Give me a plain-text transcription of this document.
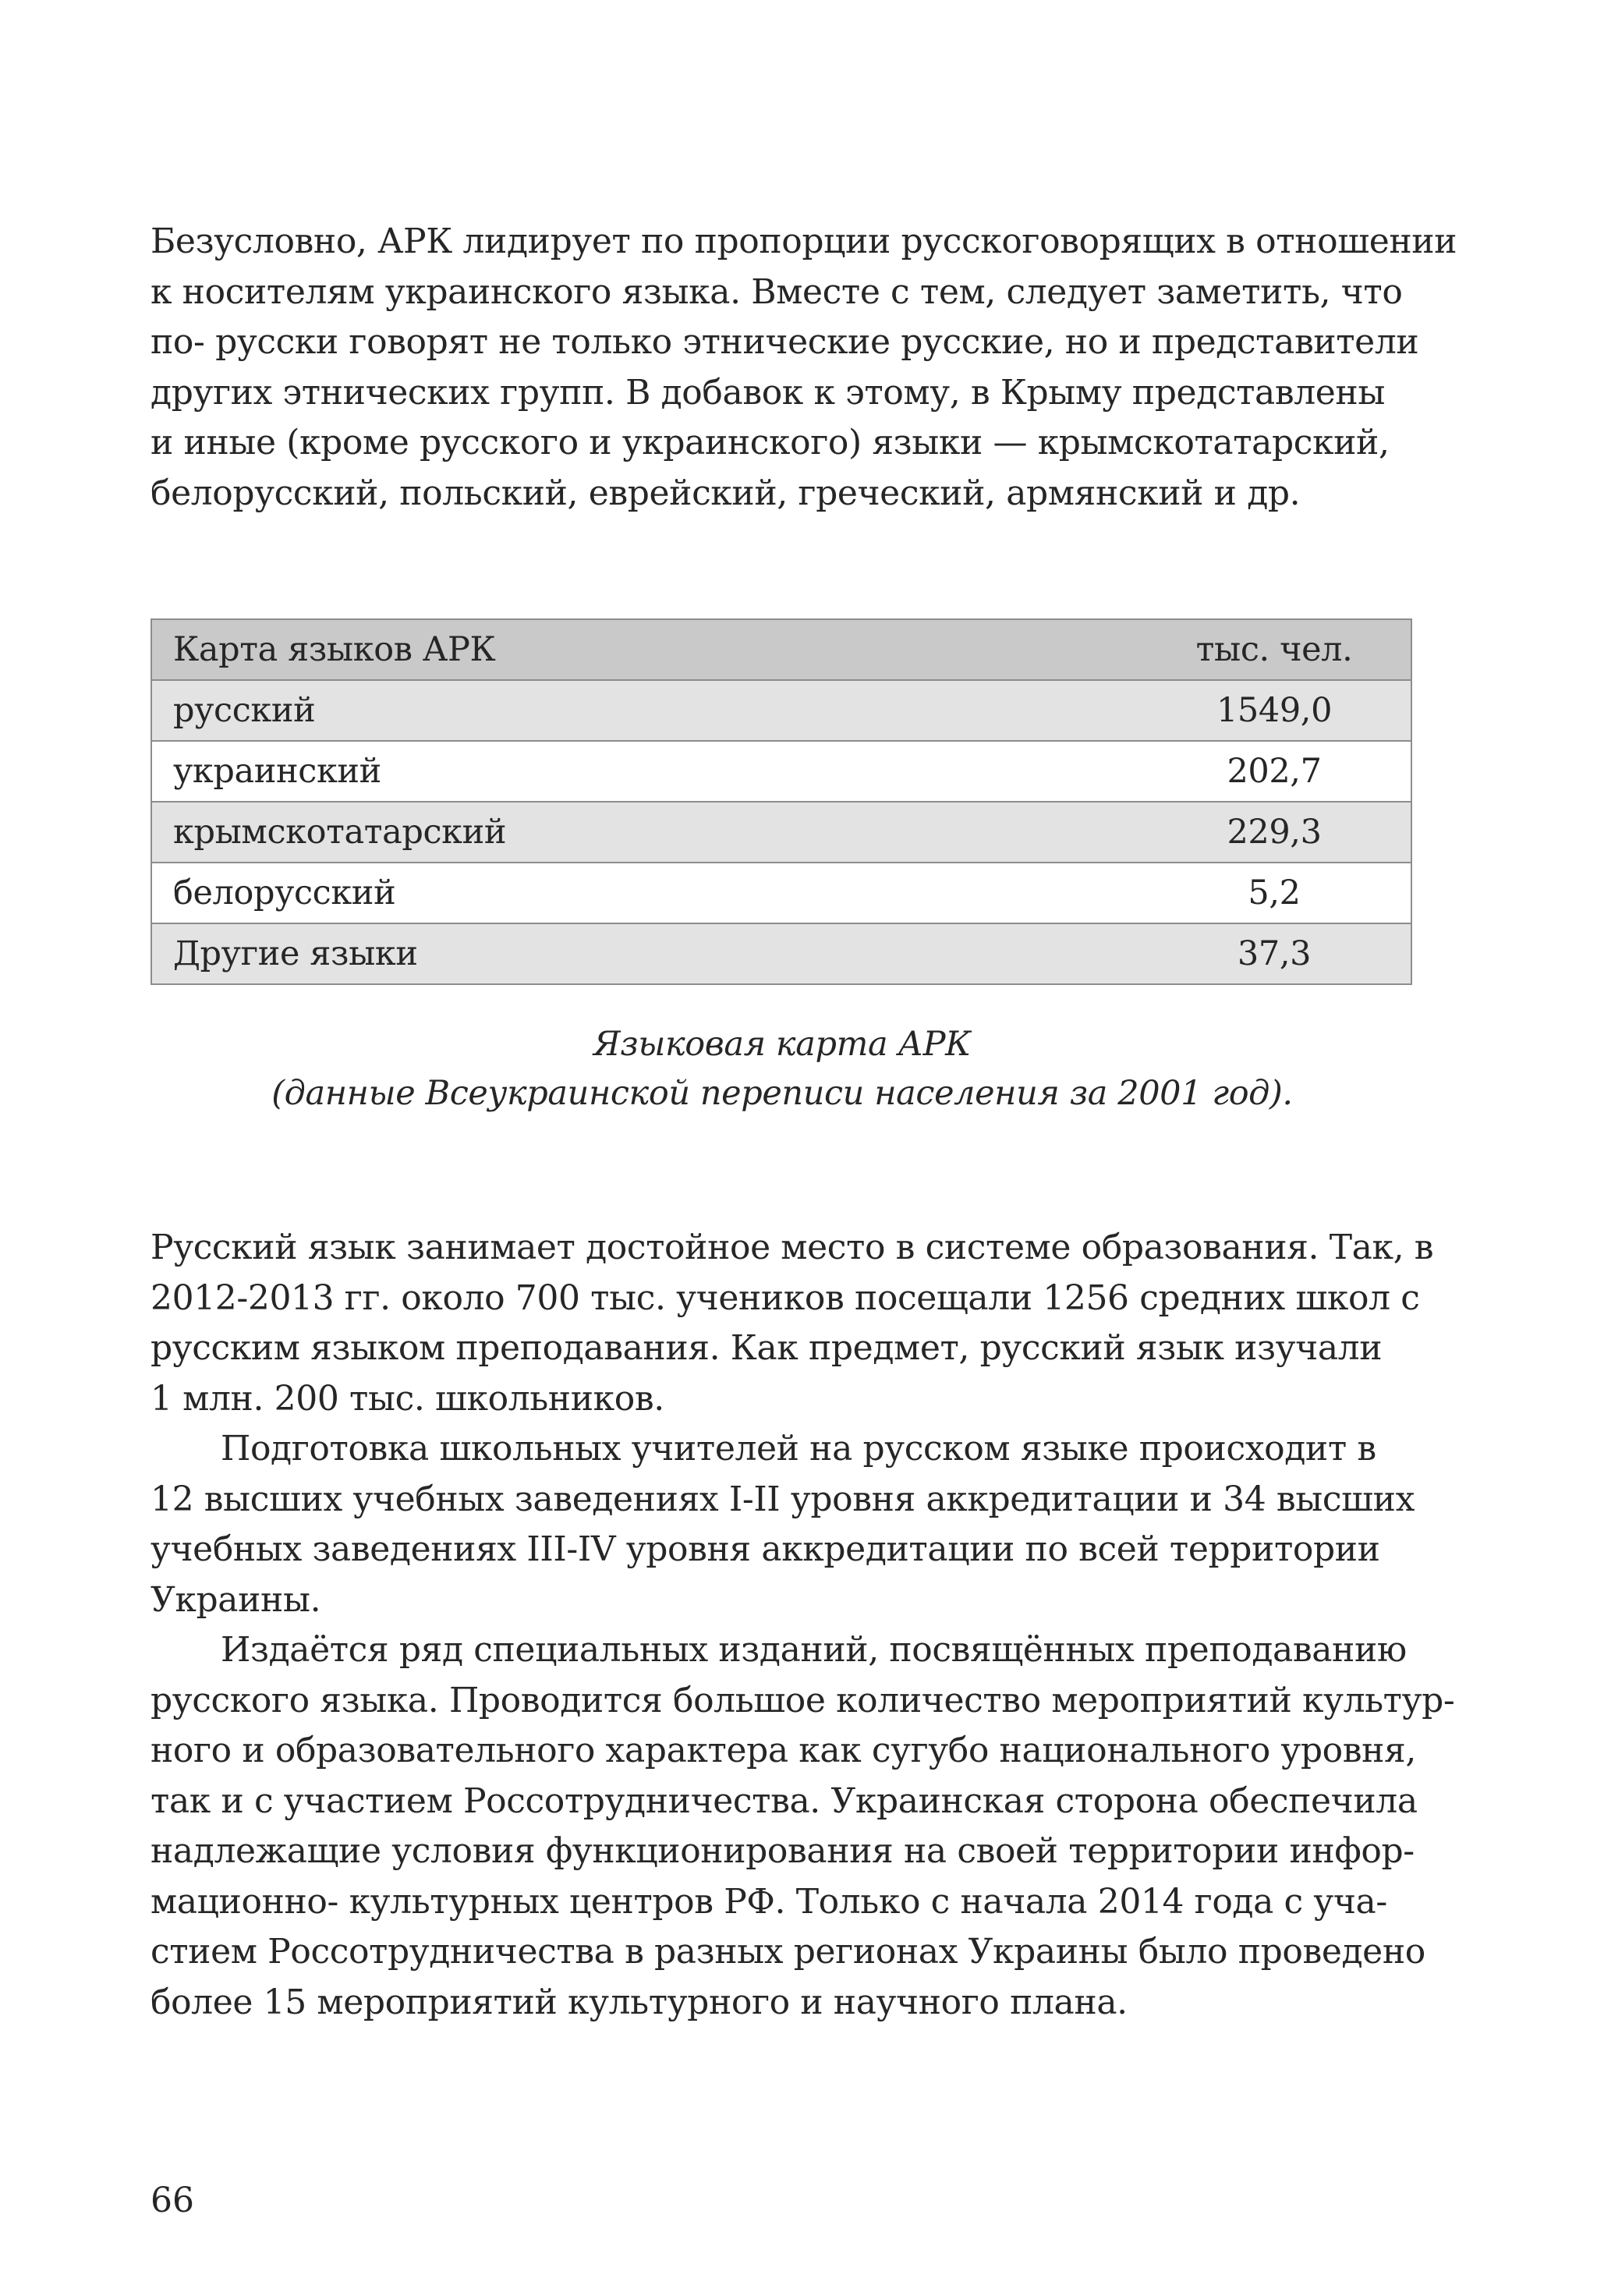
Безусловно, АРК лидирует по пропорции русскоговорящих в отношении
к носителям украинского языка. Вместе с тем, следует заметить, что
по- русски говорят не только этнические русские, но и представители
других этнических групп. В добавок к этому, в Крыму представлены
и иные (кроме русского и украинского) языки — крымскотатарский,
белорусский, польский, еврейский, греческий, армянский и др.
Карта языков АРК	тыс. чел.
русский	1549,0
украинский	202,7
крымскотатарский	229,3
белорусский	5,2
Другие языки	37,3
Языковая карта АРК
(данные Всеукраинской переписи населения за 2001 год).
Русский язык занимает достойное место в системе образования. Так, в
2012-2013 гг. около 700 тыс. учеников посещали 1256 средних школ с
русским языком преподавания. Как предмет, русский язык изучали
1 млн. 200 тыс. школьников.
Подготовка школьных учителей на русском языке происходит в
12 высших учебных заведениях I-II уровня аккредитации и 34 высших
учебных заведениях III-IV уровня аккредитации по всей территории
Украины.
Издаётся ряд специальных изданий, посвящённых преподаванию
русского языка. Проводится большое количество мероприятий культур-
ного и образовательного характера как сугубо национального уровня,
так и с участием Россотрудничества. Украинская сторона обеспечила
надлежащие условия функционирования на своей территории инфор-
мационно- культурных центров РФ. Только с начала 2014 года с уча-
стием Россотрудничества в разных регионах Украины было проведено
более 15 мероприятий культурного и научного плана.
66
